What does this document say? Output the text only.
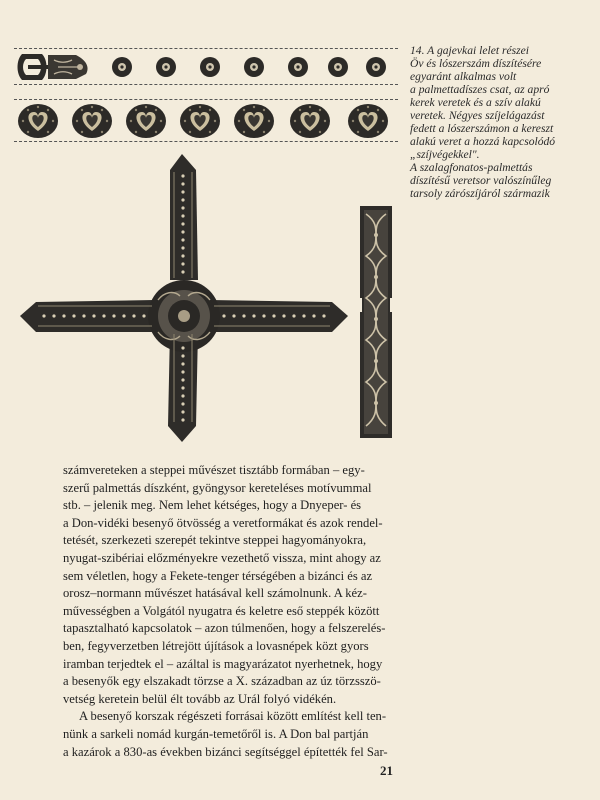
14. A gajevkai lelet részei

Öv és lószerszám díszítésére

egyaránt alkalmas volt

a palmettadíszes csat, az apró

kerek veretek és a szív alakú

veretek. Négyes szíjelágazást

fedett a lószerszámon a kereszt

alakú veret a hozzá kapcsolódó

„szíjvégekkel".

A szalagfonatos-palmettás

díszítésű veretsor valószínűleg

tarsoly zárószíjáról származik

számvereteken a steppei művészet tisztább formában – egy-

szerű palmettás díszként, gyöngysor kereteléses motívummal

stb. – jelenik meg. Nem lehet kétséges, hogy a Dnyeper- és

a Don-vidéki besenyő ötvösség a veretformákat és azok rendel-

tetését, szerkezeti szerepét tekintve steppei hagyományokra,

nyugat-szibériai előzményekre vezethető vissza, mint ahogy az

sem véletlen, hogy a Fekete-tenger térségében a bizánci és az

orosz–normann művészet hatásával kell számolnunk. A kéz-

művességben a Volgától nyugatra és keletre eső steppék között

tapasztalható kapcsolatok – azon túlmenően, hogy a felszerelés-

ben, fegyverzetben létrejött újítások a lovasnépek közt gyors

iramban terjedtek el – azáltal is magyarázatot nyerhetnek, hogy

a besenyők egy elszakadt törzse a X. században az úz törzsszö-

vetség keretein belül élt tovább az Urál folyó vidékén.

A besenyő korszak régészeti forrásai között említést kell ten-

nünk a sarkeli nomád kurgán-temetőről is. A Don bal partján

a kazárok a 830-as években bizánci segítséggel építették fel Sar-

21
